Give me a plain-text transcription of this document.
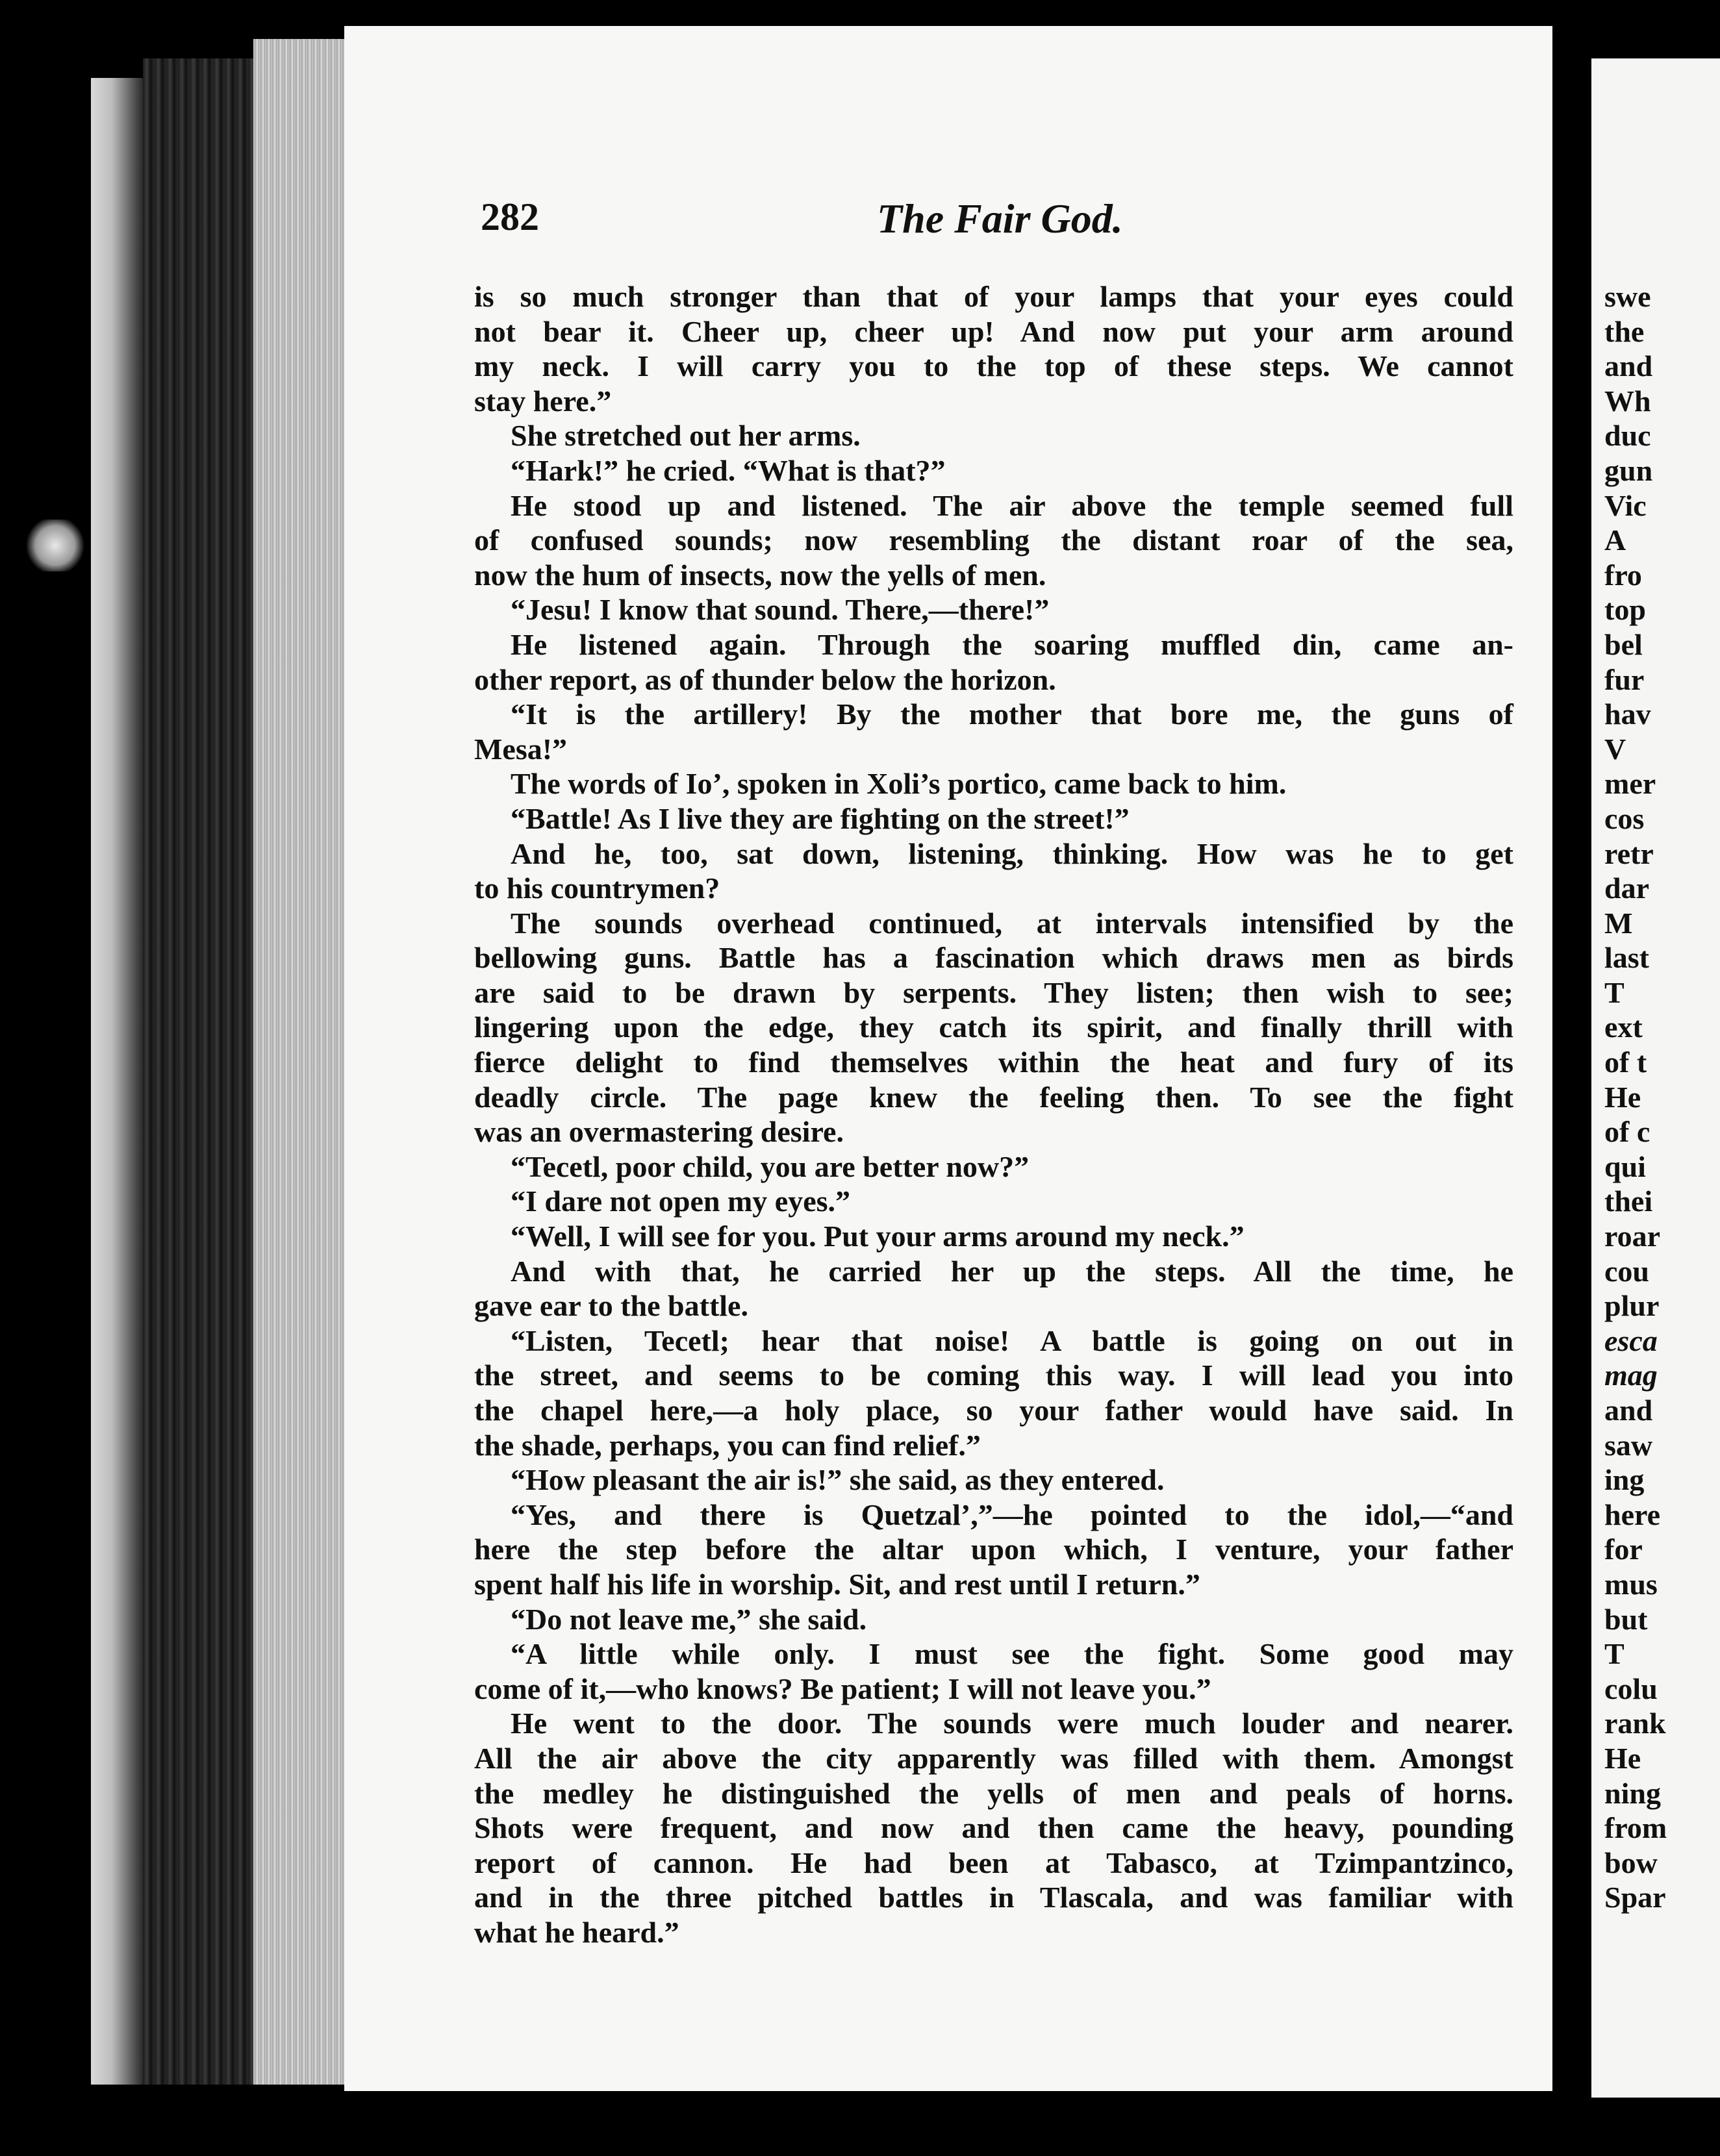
282	The Fair God.
is so much stronger than that of your lamps that your eyes could
not bear it. Cheer up, cheer up! And now put your arm around
my neck. I will carry you to the top of these steps. We cannot
stay here.”
She stretched out her arms.
“Hark!” he cried. “What is that?”
He stood up and listened. The air above the temple seemed full
of confused sounds; now resembling the distant roar of the sea,
now the hum of insects, now the yells of men.
“Jesu! I know that sound. There,—there!”
He listened again. Through the soaring muffled din, came an-
other report, as of thunder below the horizon.
“It is the artillery! By the mother that bore me, the guns of
Mesa!”
The words of Io’, spoken in Xoli’s portico, came back to him.
“Battle! As I live they are fighting on the street!”
And he, too, sat down, listening, thinking. How was he to get
to his countrymen?
The sounds overhead continued, at intervals intensified by the
bellowing guns. Battle has a fascination which draws men as birds
are said to be drawn by serpents. They listen; then wish to see;
lingering upon the edge, they catch its spirit, and finally thrill with
fierce delight to find themselves within the heat and fury of its
deadly circle. The page knew the feeling then. To see the fight
was an overmastering desire.
“Tecetl, poor child, you are better now?”
“I dare not open my eyes.”
“Well, I will see for you. Put your arms around my neck.”
And with that, he carried her up the steps. All the time, he
gave ear to the battle.
“Listen, Tecetl; hear that noise! A battle is going on out in
the street, and seems to be coming this way. I will lead you into
the chapel here,—a holy place, so your father would have said. In
the shade, perhaps, you can find relief.”
“How pleasant the air is!” she said, as they entered.
“Yes, and there is Quetzal’,”—he pointed to the idol,—“and
here the step before the altar upon which, I venture, your father
spent half his life in worship. Sit, and rest until I return.”
“Do not leave me,” she said.
“A little while only. I must see the fight. Some good may
come of it,—who knows? Be patient; I will not leave you.”
He went to the door. The sounds were much louder and nearer.
All the air above the city apparently was filled with them. Amongst
the medley he distinguished the yells of men and peals of horns.
Shots were frequent, and now and then came the heavy, pounding
report of cannon. He had been at Tabasco, at Tzimpantzinco,
and in the three pitched battles in Tlascala, and was familiar with
what he heard.”
swe
the
and
Wh
duc
gun
Vic
A
fro
top
bel
fur
hav
V
mer
cos
retr
dar
M
last
T
ext
of t
He
of c
qui
thei
roar
cou
plur
esca
mag
and
saw
ing
here
for
mus
but
T
colu
rank
He
ning
from
bow
Spar
